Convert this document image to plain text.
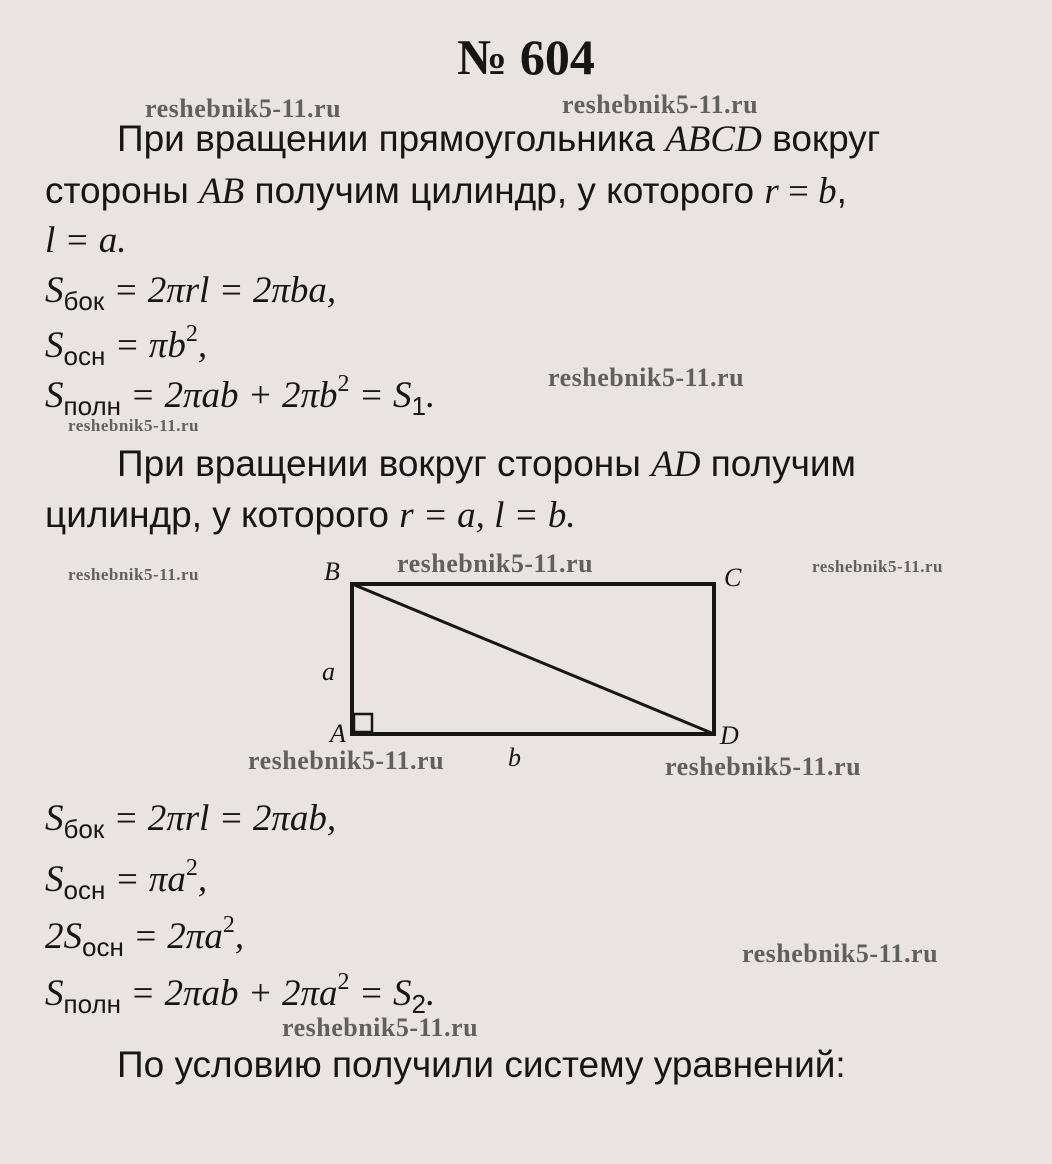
№ 604
reshebnik5-11.ru	reshebnik5-11.ru
reshebnik5-11.ru
reshebnik5-11.ru
reshebnik5-11.ru	reshebnik5-11.ru	reshebnik5-11.ru
reshebnik5-11.ru	reshebnik5-11.ru
reshebnik5-11.ru
reshebnik5-11.ru
При вращении прямоугольника ABCD вокруг
стороны AB получим цилиндр, у которого r = b,
l = a.
$S_{бок} = 2\pi rl = 2\pi ba$,
$S_{осн} = \pi b^2$,
$S_{полн} = 2\pi ab + 2\pi b^2 = S_1$.
При вращении вокруг стороны AD получим
цилиндр, у которого r = a, l = b.
B	C
A	D
a
b
$S_{бок} = 2\pi rl = 2\pi ab$,
$S_{осн} = \pi a^2$,
$2S_{осн} = 2\pi a^2$,
$S_{полн} = 2\pi ab + 2\pi a^2 = S_2$.
По условию получили систему уравнений:
